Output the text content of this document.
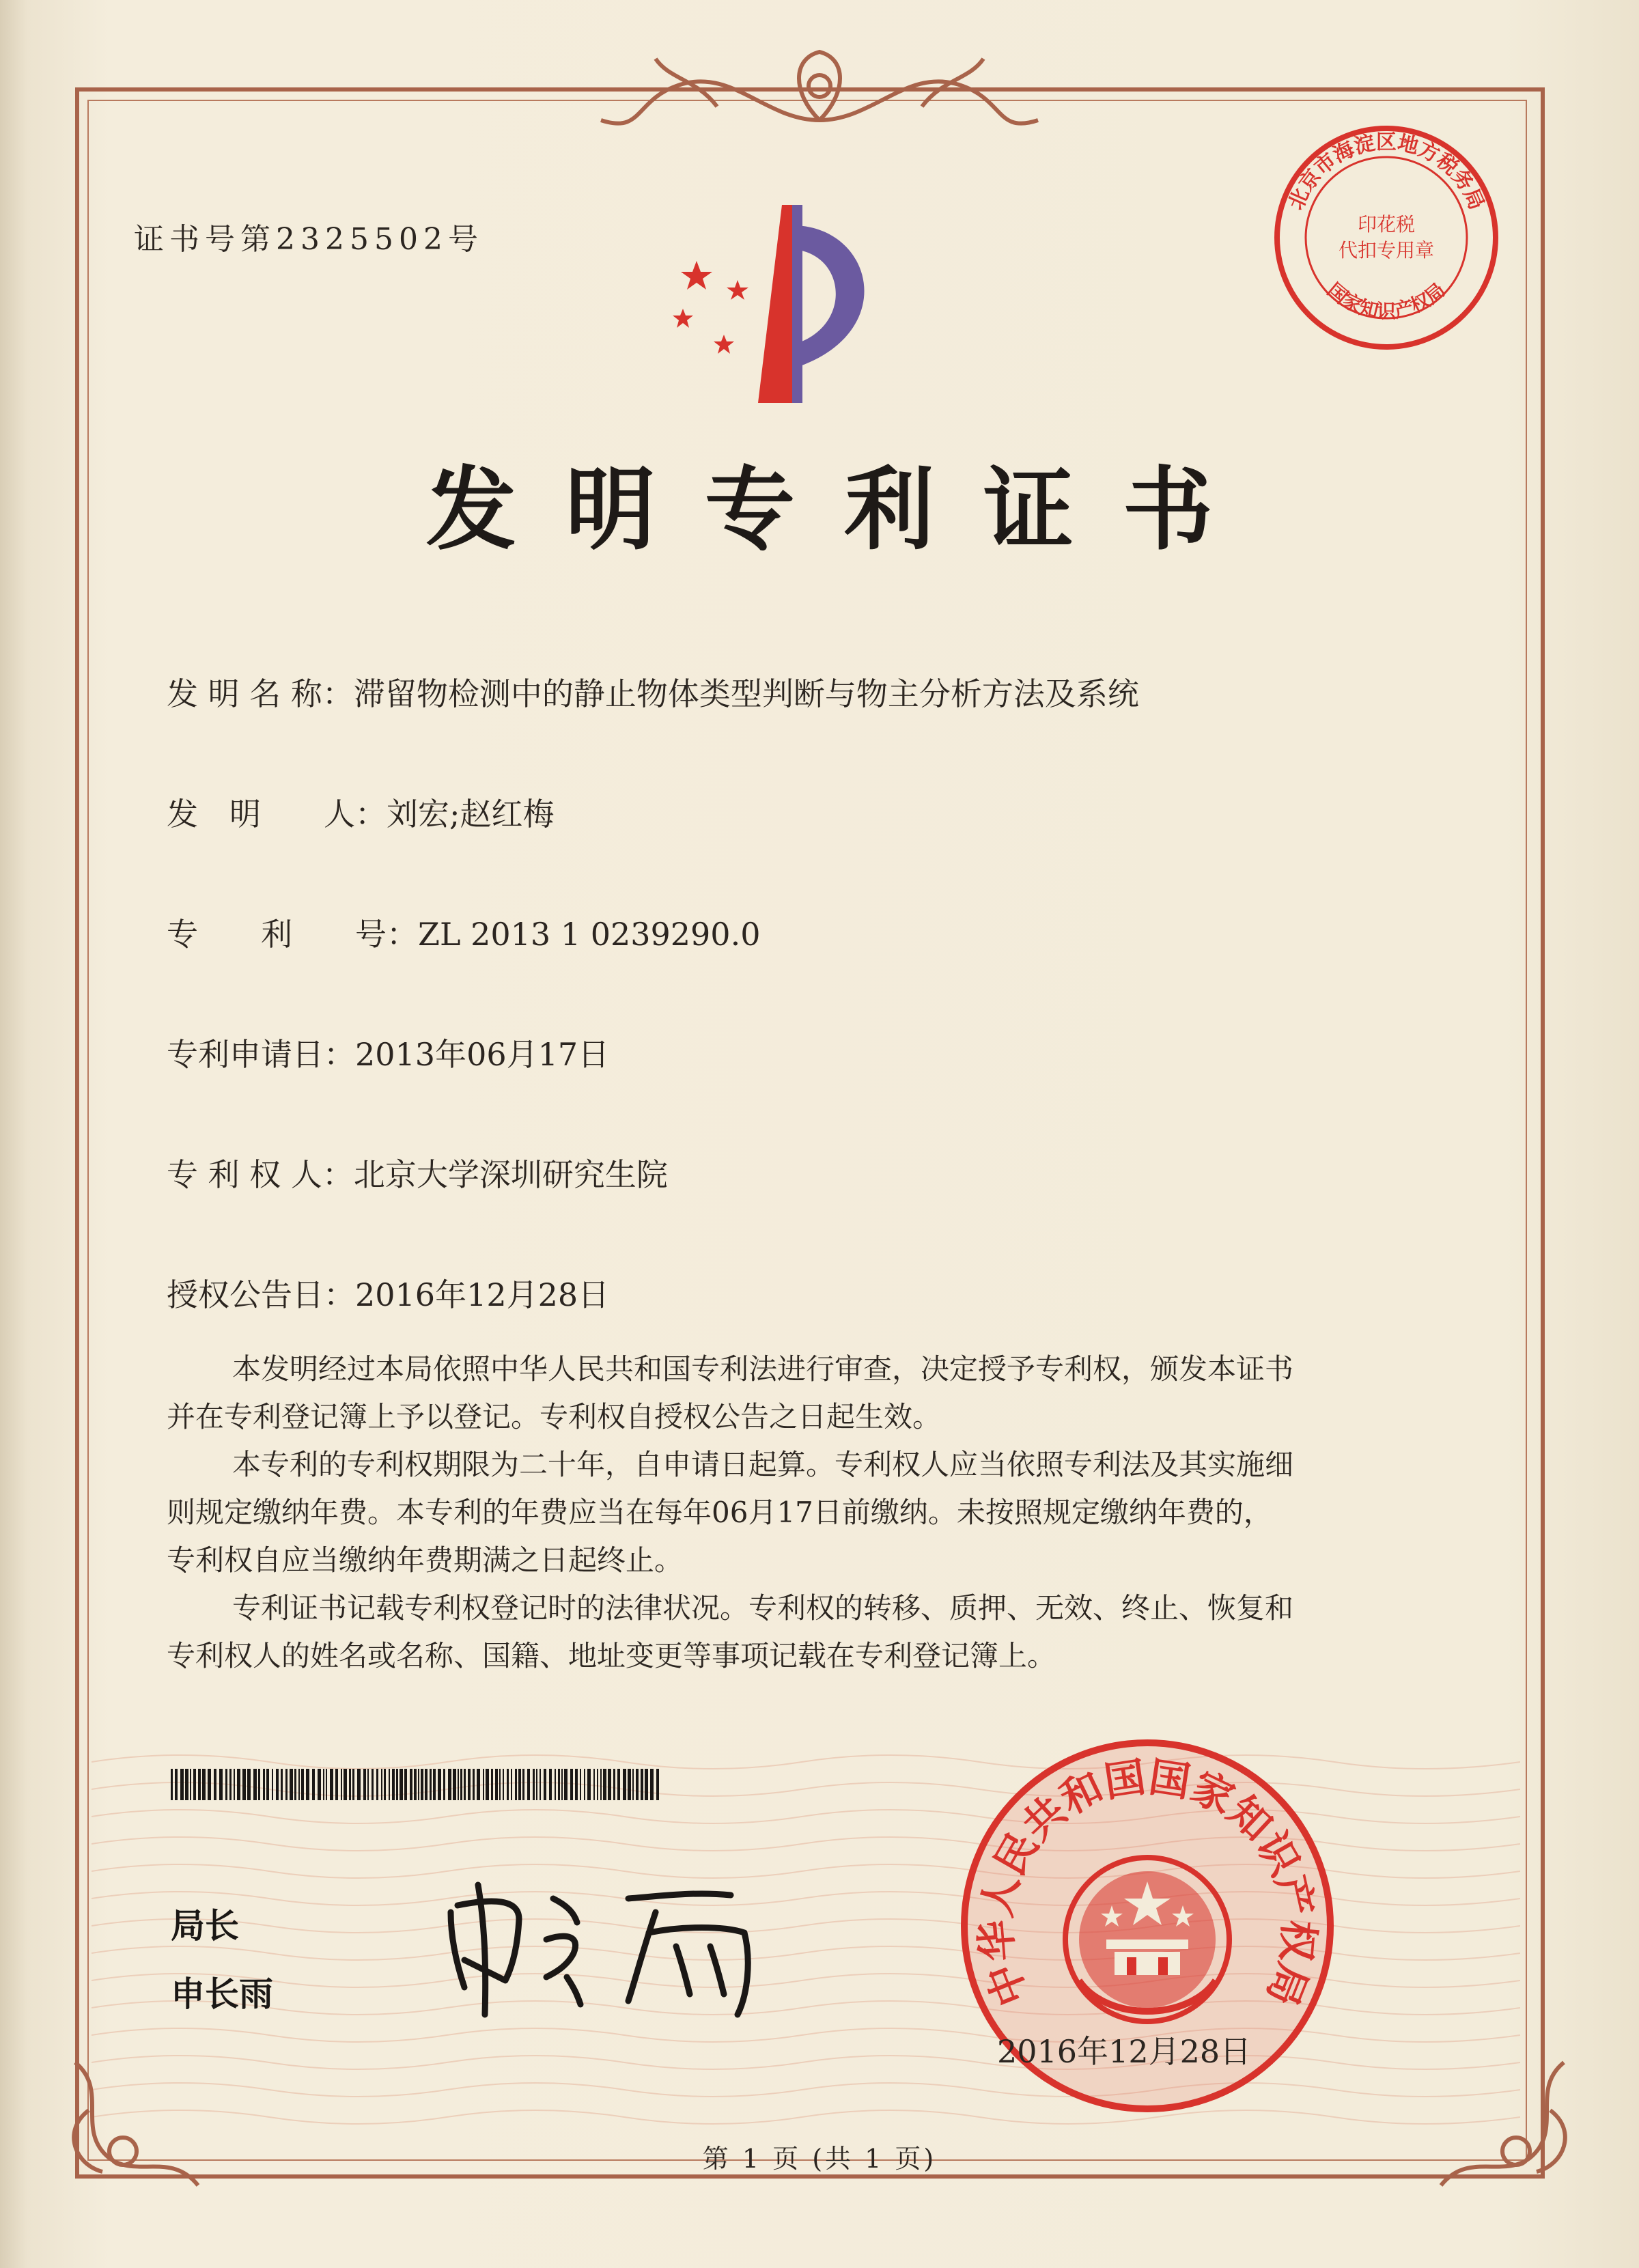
证书号第2325502号
北京市海淀区地方税务局
国家知识产权局
印花税
代扣专用章
发明专利证书
发 明 名 称：滞留物检测中的静止物体类型判断与物主分析方法及系统
发　明　　人：刘宏;赵红梅
专　　利　　号：ZL 2013 1 0239290.0
专利申请日：2013年06月17日
专 利 权 人：北京大学深圳研究生院
授权公告日：2016年12月28日

本发明经过本局依照中华人民共和国专利法进行审查，决定授予专利权，颁发本证书

并在专利登记簿上予以登记。专利权自授权公告之日起生效。

本专利的专利权期限为二十年，自申请日起算。专利权人应当依照专利法及其实施细

则规定缴纳年费。本专利的年费应当在每年06月17日前缴纳。未按照规定缴纳年费的，

专利权自应当缴纳年费期满之日起终止。

专利证书记载专利权登记时的法律状况。专利权的转移、质押、无效、终止、恢复和

专利权人的姓名或名称、国籍、地址变更等事项记载在专利登记簿上。

局长
申长雨	中华人民共和国国家知识产权局
2016年12月28日
第 1 页 (共 1 页)
